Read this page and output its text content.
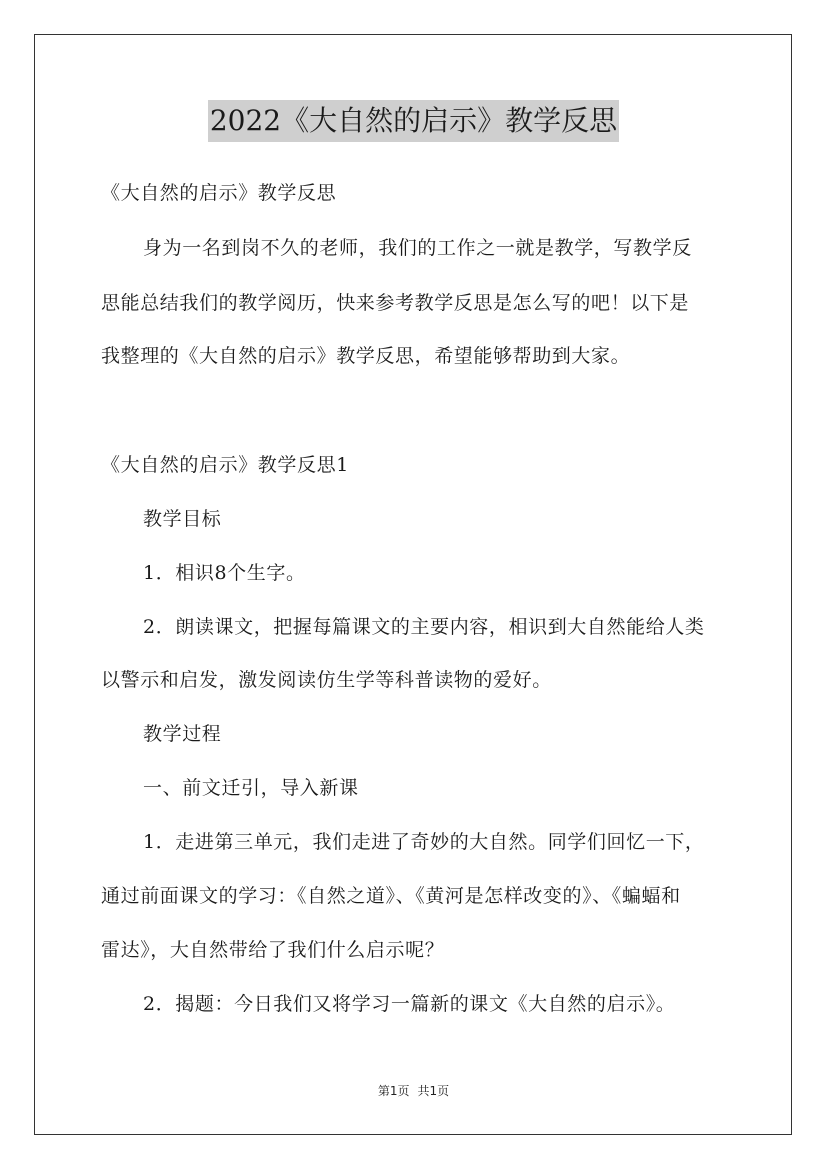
2022《大自然的启示》教学反思
《大自然的启示》教学反思
身为一名到岗不久的老师，我们的工作之一就是教学，写教学反
思能总结我们的教学阅历，快来参考教学反思是怎么写的吧！以下是
我整理的《大自然的启示》教学反思，希望能够帮助到大家。
《大自然的启示》教学反思1
教学目标
1．相识8个生字。
2．朗读课文，把握每篇课文的主要内容，相识到大自然能给人类
以警示和启发，激发阅读仿生学等科普读物的爱好。
教学过程
一、前文迁引，导入新课
1．走进第三单元，我们走进了奇妙的大自然。同学们回忆一下，
通过前面课文的学习：《自然之道》、《黄河是怎样改变的》、《蝙蝠和
雷达》，大自然带给了我们什么启示呢？
2．揭题：今日我们又将学习一篇新的课文《大自然的启示》。
第1页 共1页
